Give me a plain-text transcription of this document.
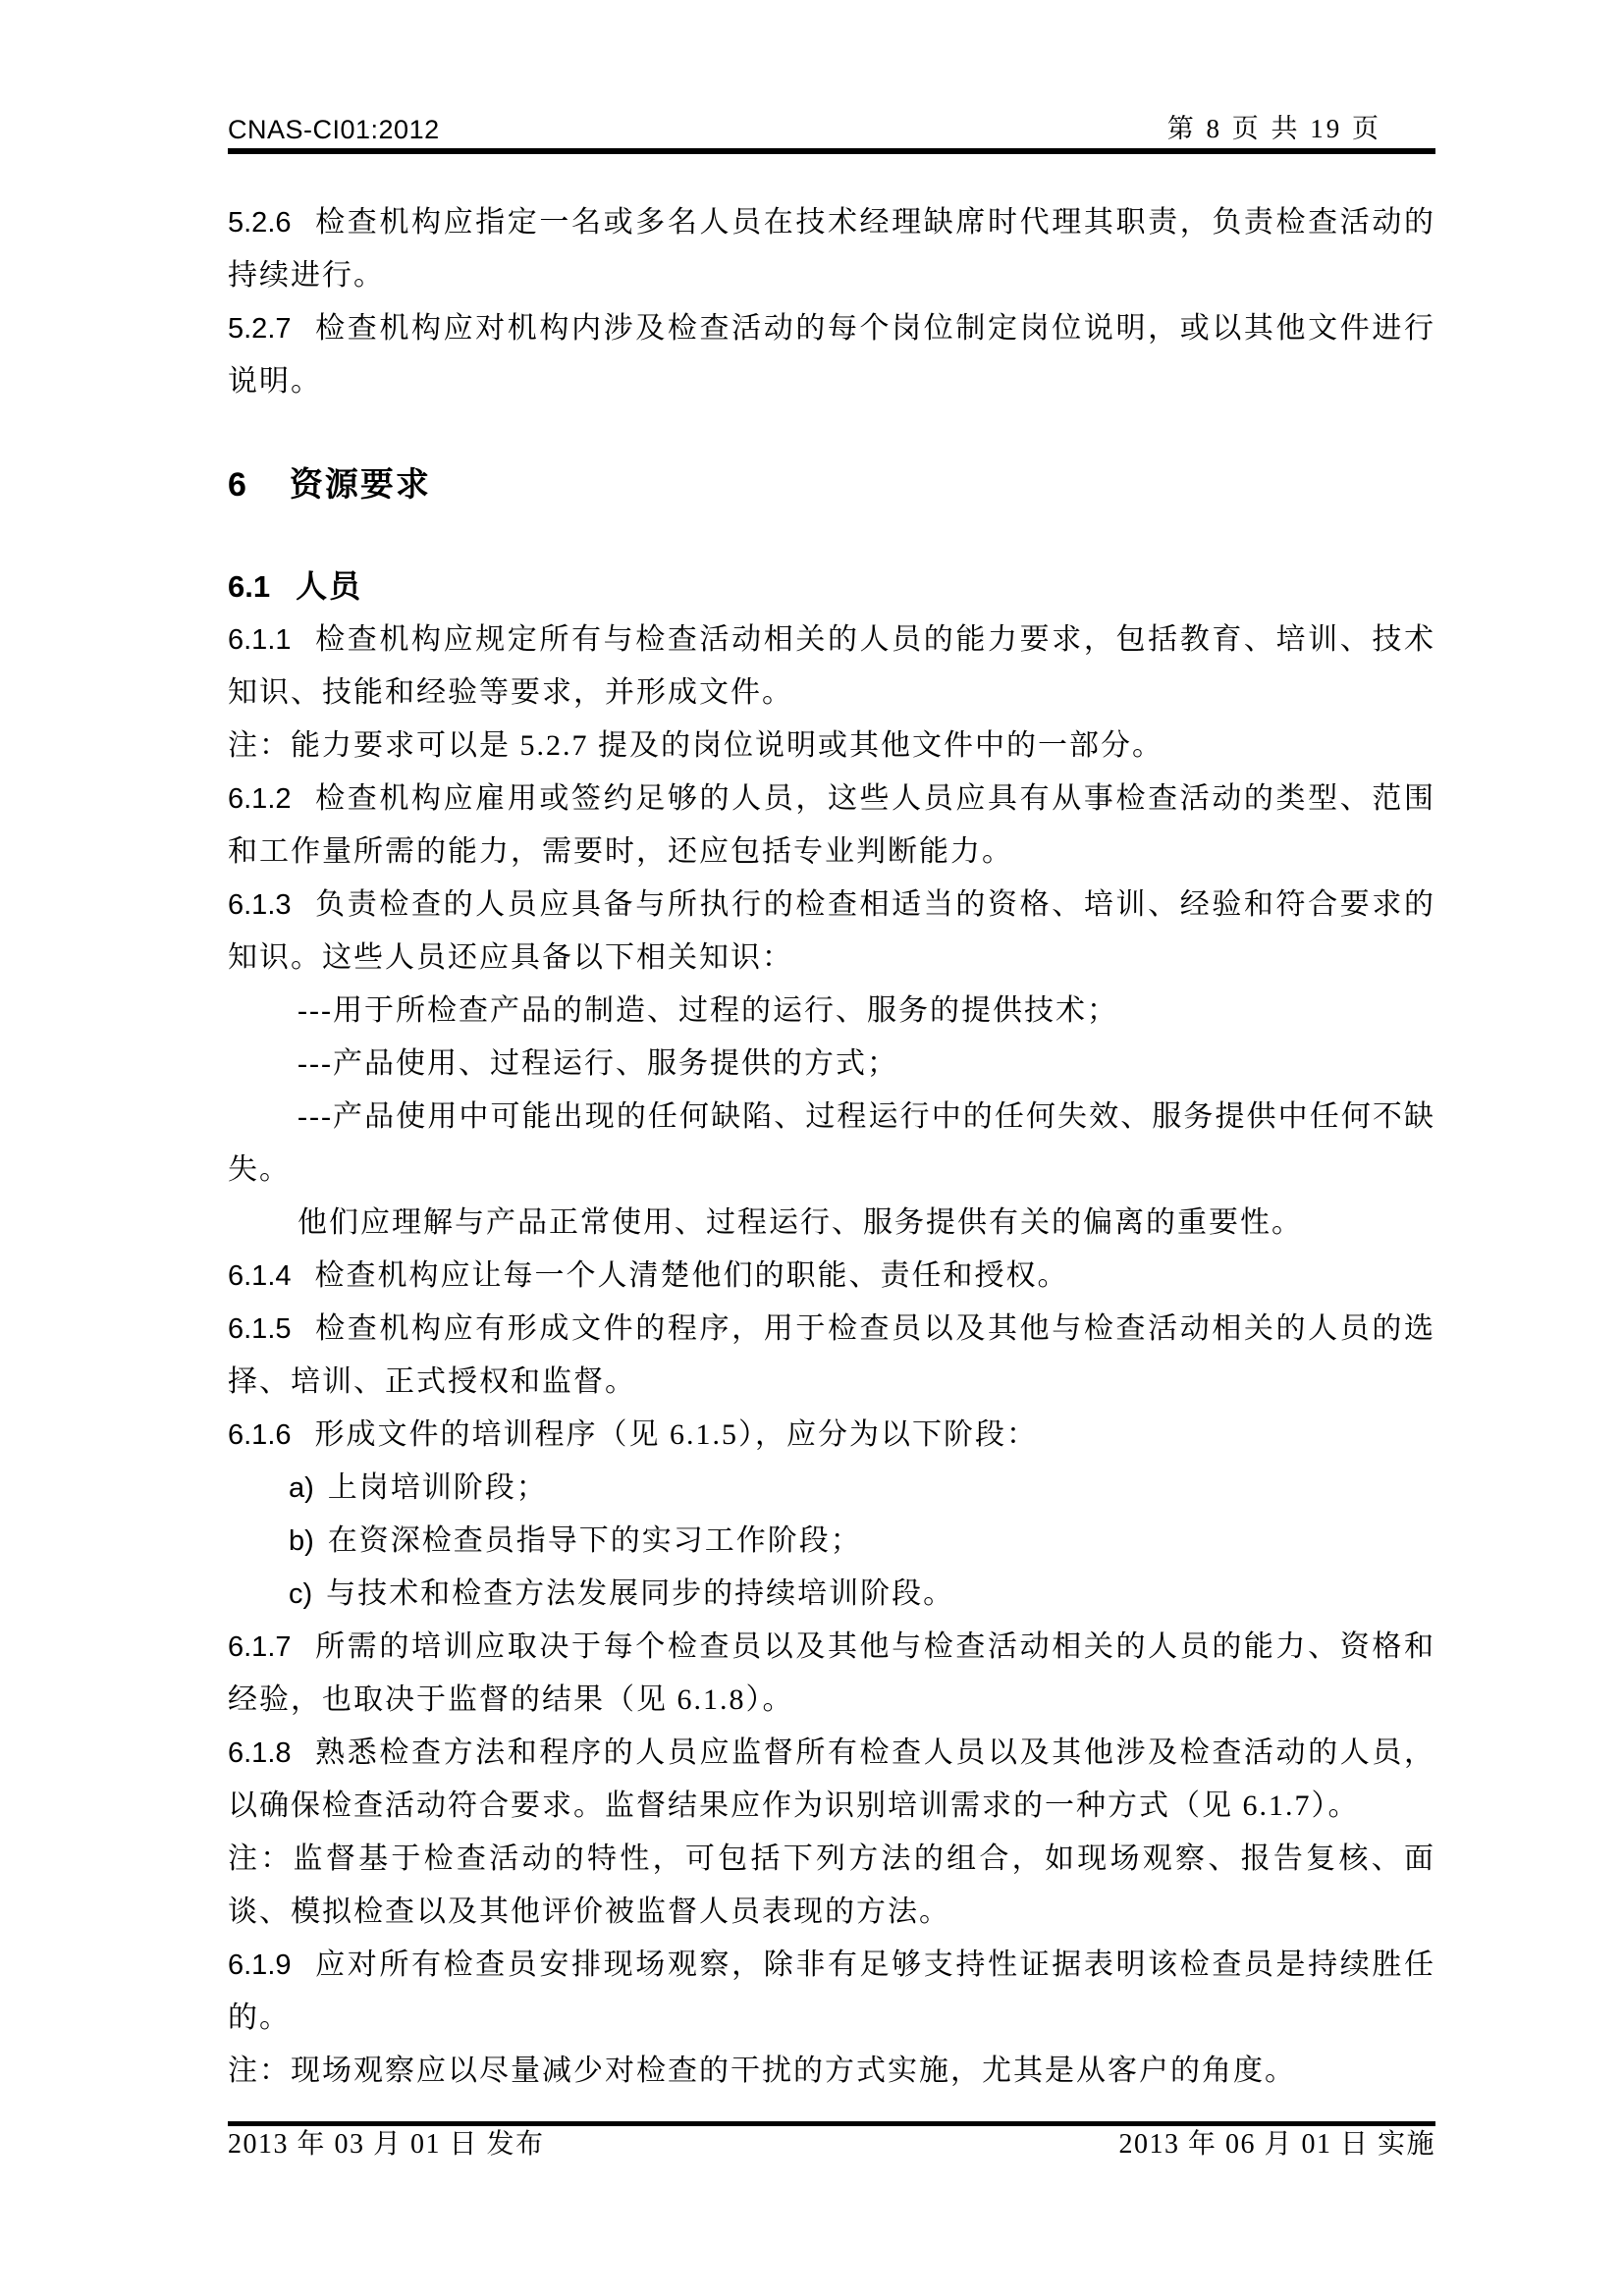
CNAS-CI01:2012	第 8 页 共 19 页

5.2.6 检查机构应指定一名或多名人员在技术经理缺席时代理其职责，负责检查活动的持续进行。

5.2.7 检查机构应对机构内涉及检查活动的每个岗位制定岗位说明，或以其他文件进行说明。

6 资源要求
6.1 人员

6.1.1 检查机构应规定所有与检查活动相关的人员的能力要求，包括教育、培训、技术知识、技能和经验等要求，并形成文件。

注：能力要求可以是 5.2.7 提及的岗位说明或其他文件中的一部分。

6.1.2 检查机构应雇用或签约足够的人员，这些人员应具有从事检查活动的类型、范围和工作量所需的能力，需要时，还应包括专业判断能力。

6.1.3 负责检查的人员应具备与所执行的检查相适当的资格、培训、经验和符合要求的知识。这些人员还应具备以下相关知识：

---用于所检查产品的制造、过程的运行、服务的提供技术；

---产品使用、过程运行、服务提供的方式；

---产品使用中可能出现的任何缺陷、过程运行中的任何失效、服务提供中任何不缺失。

他们应理解与产品正常使用、过程运行、服务提供有关的偏离的重要性。

6.1.4 检查机构应让每一个人清楚他们的职能、责任和授权。

6.1.5 检查机构应有形成文件的程序，用于检查员以及其他与检查活动相关的人员的选择、培训、正式授权和监督。

6.1.6 形成文件的培训程序（见 6.1.5），应分为以下阶段：

a) 上岗培训阶段；

b) 在资深检查员指导下的实习工作阶段；

c) 与技术和检查方法发展同步的持续培训阶段。

6.1.7 所需的培训应取决于每个检查员以及其他与检查活动相关的人员的能力、资格和经验，也取决于监督的结果（见 6.1.8）。

6.1.8 熟悉检查方法和程序的人员应监督所有检查人员以及其他涉及检查活动的人员，以确保检查活动符合要求。监督结果应作为识别培训需求的一种方式（见 6.1.7）。

注：监督基于检查活动的特性，可包括下列方法的组合，如现场观察、报告复核、面谈、模拟检查以及其他评价被监督人员表现的方法。

6.1.9 应对所有检查员安排现场观察，除非有足够支持性证据表明该检查员是持续胜任的。

注：现场观察应以尽量减少对检查的干扰的方式实施，尤其是从客户的角度。

2013 年 03 月 01 日 发布	2013 年 06 月 01 日 实施
